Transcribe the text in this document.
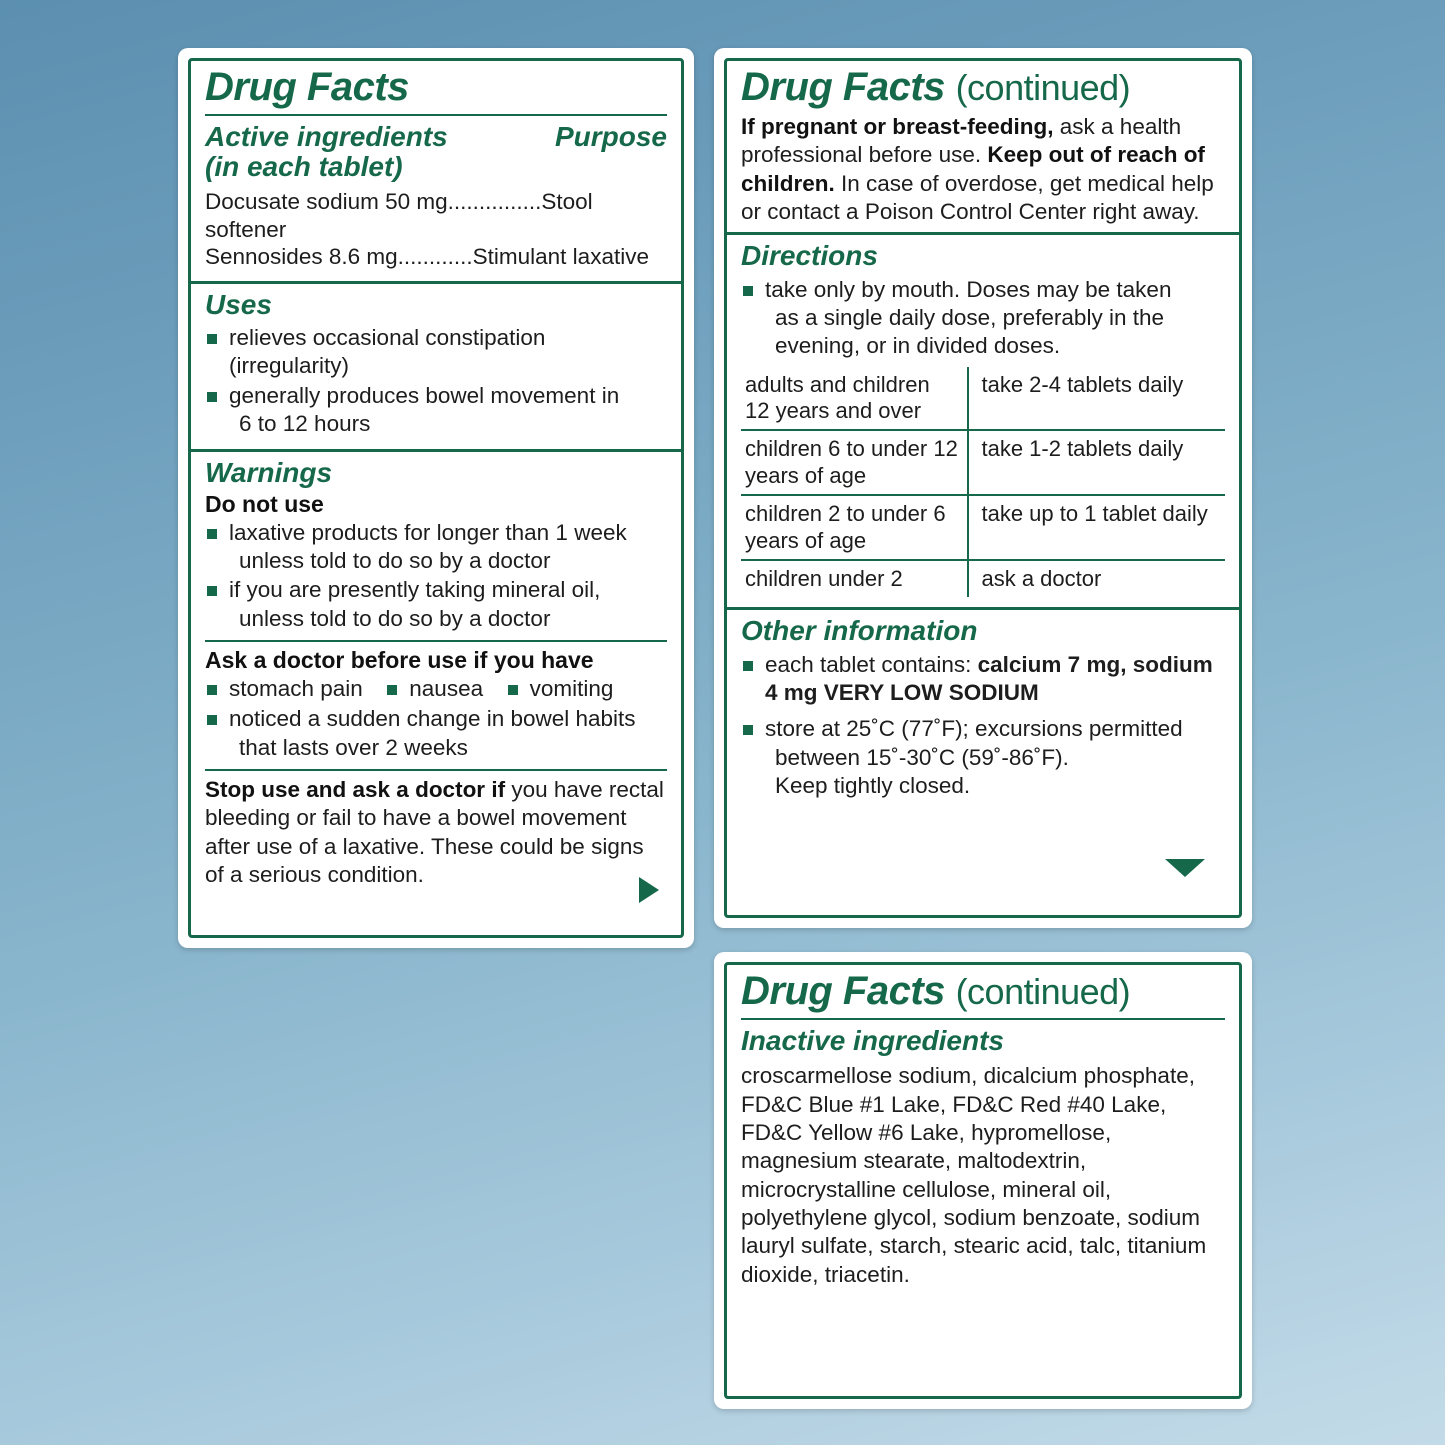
Drug Facts
Active ingredients
(in each tablet)
Purpose
Docusate sodium 50 mg...............Stool softener
Sennosides 8.6 mg............Stimulant laxative
Uses
relieves occasional constipation (irregularity)
generally produces bowel movement in
6 to 12 hours
Warnings
Do not use
laxative products for longer than 1 week
unless told to do so by a doctor
if you are presently taking mineral oil,
unless told to do so by a doctor
Ask a doctor before use if you have
stomach pain nausea vomiting
noticed a sudden change in bowel habits
that lasts over 2 weeks
Stop use and ask a doctor if you have rectal bleeding or fail to have a bowel movement after use of a laxative. These could be signs of a serious condition.
Drug Facts (continued)
If pregnant or breast-feeding, ask a health professional before use. Keep out of reach of children. In case of overdose, get medical help or contact a Poison Control Center right away.
Directions
take only by mouth. Doses may be taken
as a single daily dose, preferably in the evening, or in divided doses.
adults and children 12 years and over	take 2-4 tablets daily
children 6 to under 12 years of age	take 1-2 tablets daily
children 2 to under 6 years of age	take up to 1 tablet daily
children under 2	ask a doctor
Other information
each tablet contains: calcium 7 mg, sodium 4 mg VERY LOW SODIUM
store at 25˚C (77˚F); excursions permitted
between 15˚-30˚C (59˚-86˚F).
Keep tightly closed.
Drug Facts (continued)
Inactive ingredients
croscarmellose sodium, dicalcium phosphate, FD&C Blue #1 Lake, FD&C Red #40 Lake, FD&C Yellow #6 Lake, hypromellose, magnesium stearate, maltodextrin, microcrystalline cellulose, mineral oil, polyethylene glycol, sodium benzoate, sodium lauryl sulfate, starch, stearic acid, talc, titanium dioxide, triacetin.
